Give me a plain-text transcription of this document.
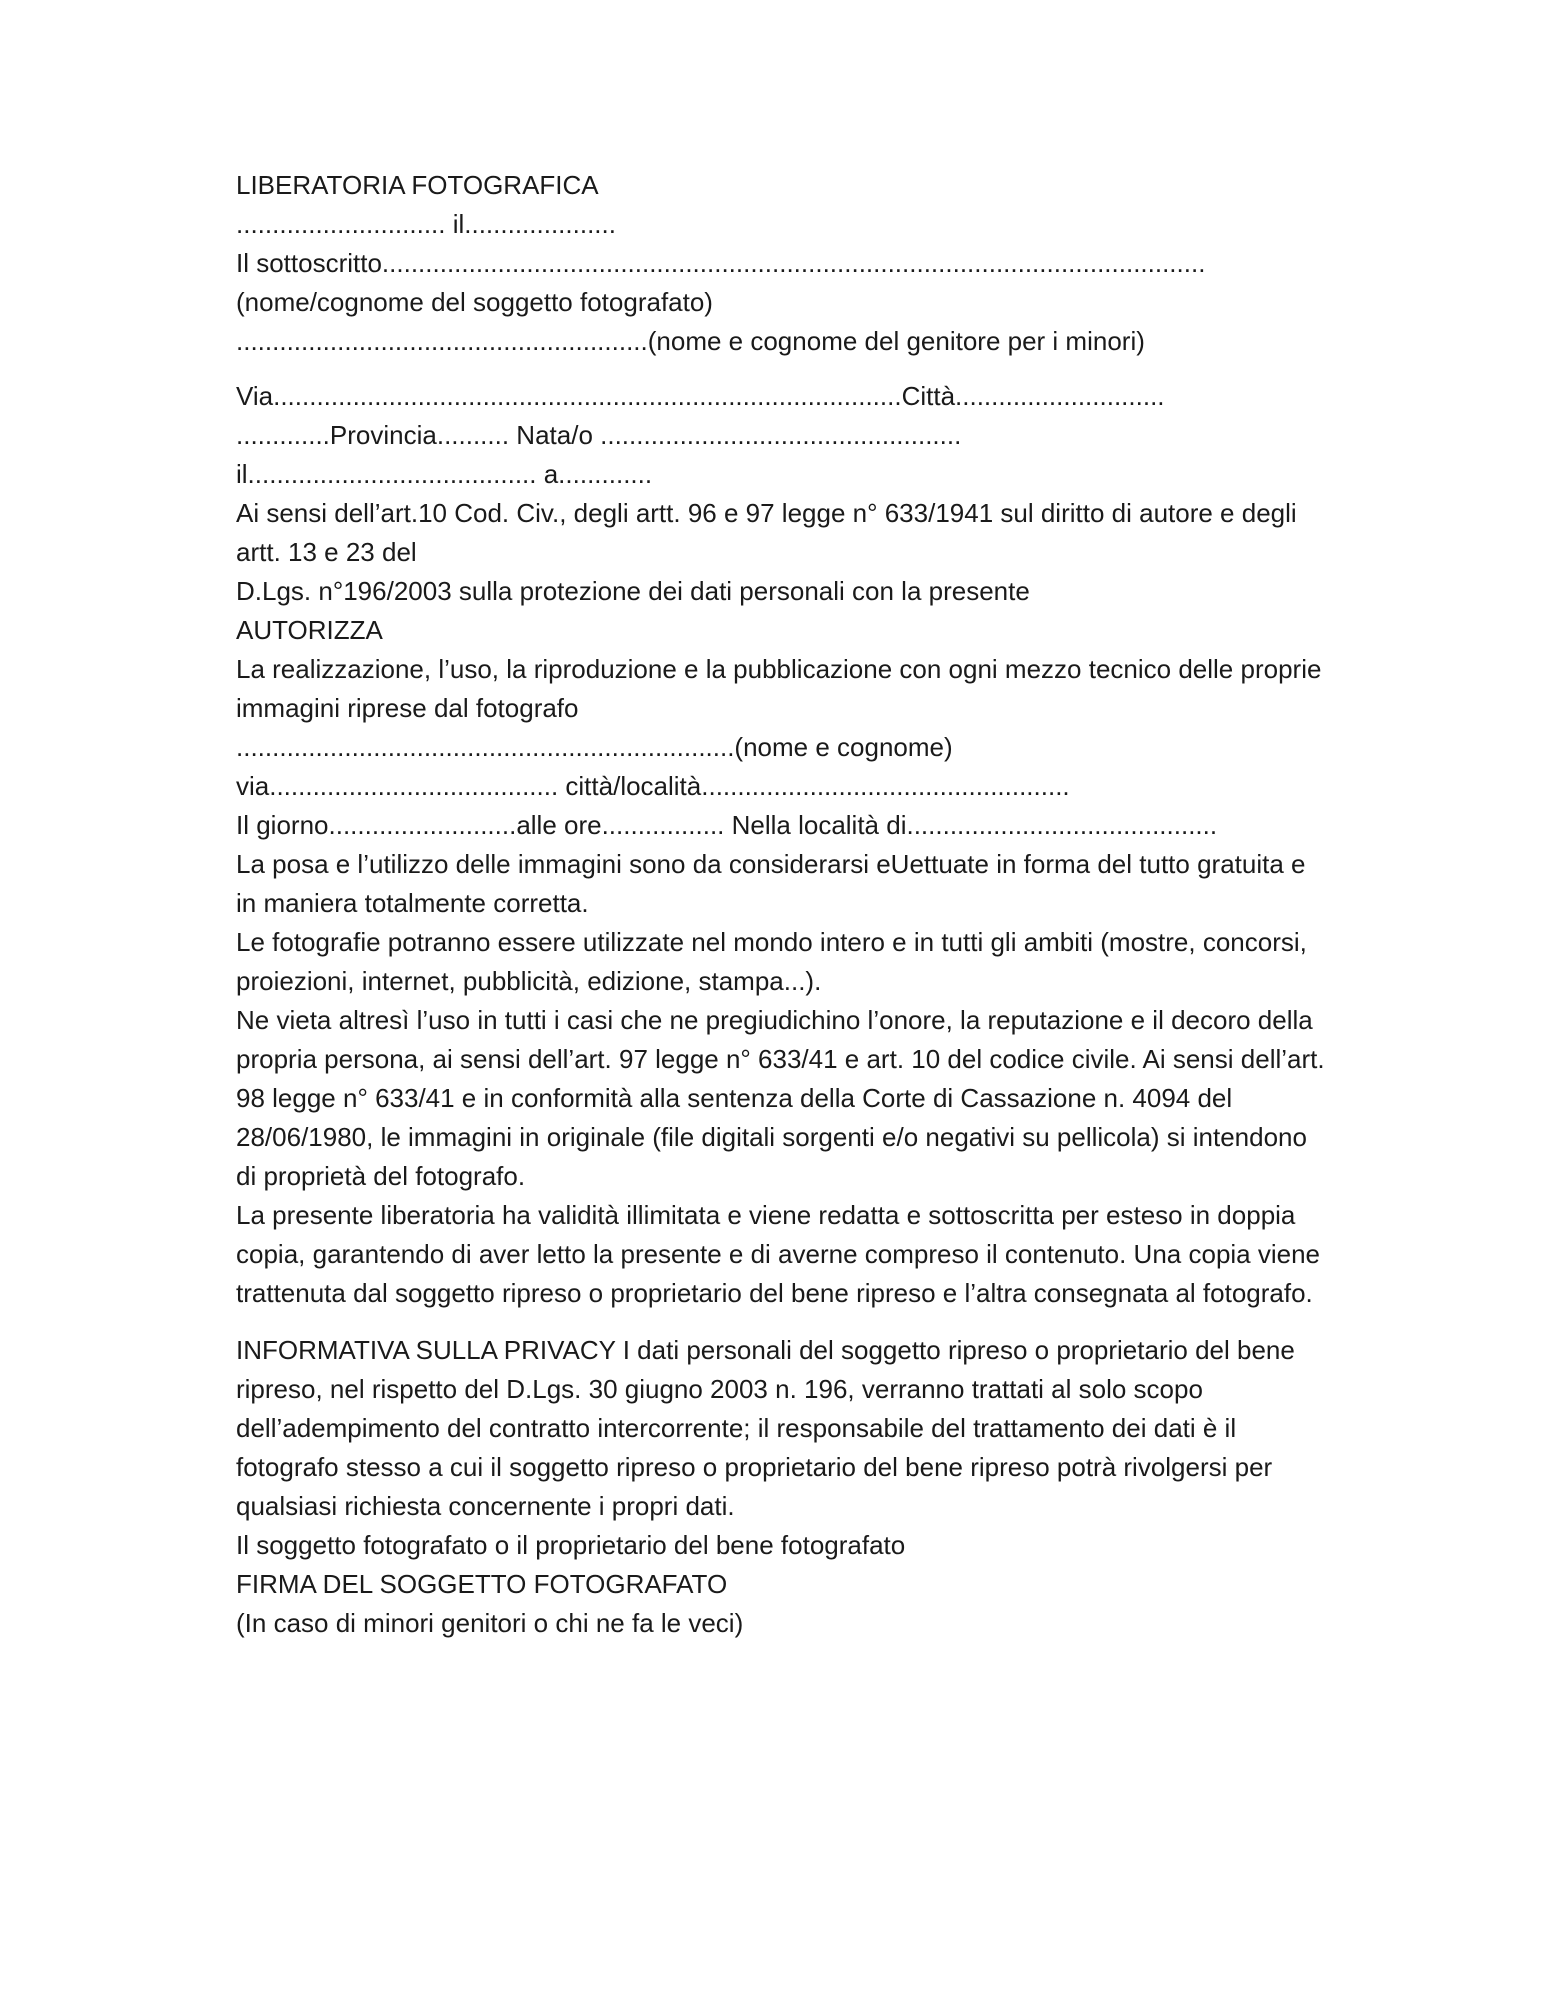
LIBERATORIA FOTOGRAFICA
............................. il.....................
Il sottoscritto..................................................................................................................
(nome/cognome del soggetto fotografato)
.........................................................(nome e cognome del genitore per i minori)
Via.......................................................................................Città.............................
.............Provincia.......... Nata/o ..................................................
il........................................ a.............
Ai sensi dell’art.10 Cod. Civ., degli artt. 96 e 97 legge n° 633/1941 sul diritto di autore e degli artt. 13 e 23 del
D.Lgs. n°196/2003 sulla protezione dei dati personali con la presente
AUTORIZZA
La realizzazione, l’uso, la riproduzione e la pubblicazione con ogni mezzo tecnico delle proprie immagini riprese dal fotografo
.....................................................................(nome e cognome)
via........................................ città/località...................................................
Il giorno..........................alle ore................. Nella località di...........................................
La posa e l’utilizzo delle immagini sono da considerarsi eUettuate in forma del tutto gratuita e in maniera totalmente corretta.
Le fotografie potranno essere utilizzate nel mondo intero e in tutti gli ambiti (mostre, concorsi, proiezioni, internet, pubblicità, edizione, stampa...).
Ne vieta altresì l’uso in tutti i casi che ne pregiudichino l’onore, la reputazione e il decoro della propria persona, ai sensi dell’art. 97 legge n° 633/41 e art. 10 del codice civile. Ai sensi dell’art. 98 legge n° 633/41 e in conformità alla sentenza della Corte di Cassazione n. 4094 del 28/06/1980, le immagini in originale (file digitali sorgenti e/o negativi su pellicola) si intendono di proprietà del fotografo.
La presente liberatoria ha validità illimitata e viene redatta e sottoscritta per esteso in doppia copia, garantendo di aver letto la presente e di averne compreso il contenuto. Una copia viene trattenuta dal soggetto ripreso o proprietario del bene ripreso e l’altra consegnata al fotografo.
INFORMATIVA SULLA PRIVACY I dati personali del soggetto ripreso o proprietario del bene ripreso, nel rispetto del D.Lgs. 30 giugno 2003 n. 196, verranno trattati al solo scopo dell’adempimento del contratto intercorrente; il responsabile del trattamento dei dati è il fotografo stesso a cui il soggetto ripreso o proprietario del bene ripreso potrà rivolgersi per qualsiasi richiesta concernente i propri dati.
Il soggetto fotografato o il proprietario del bene fotografato
FIRMA DEL SOGGETTO FOTOGRAFATO
(In caso di minori genitori o chi ne fa le veci)
